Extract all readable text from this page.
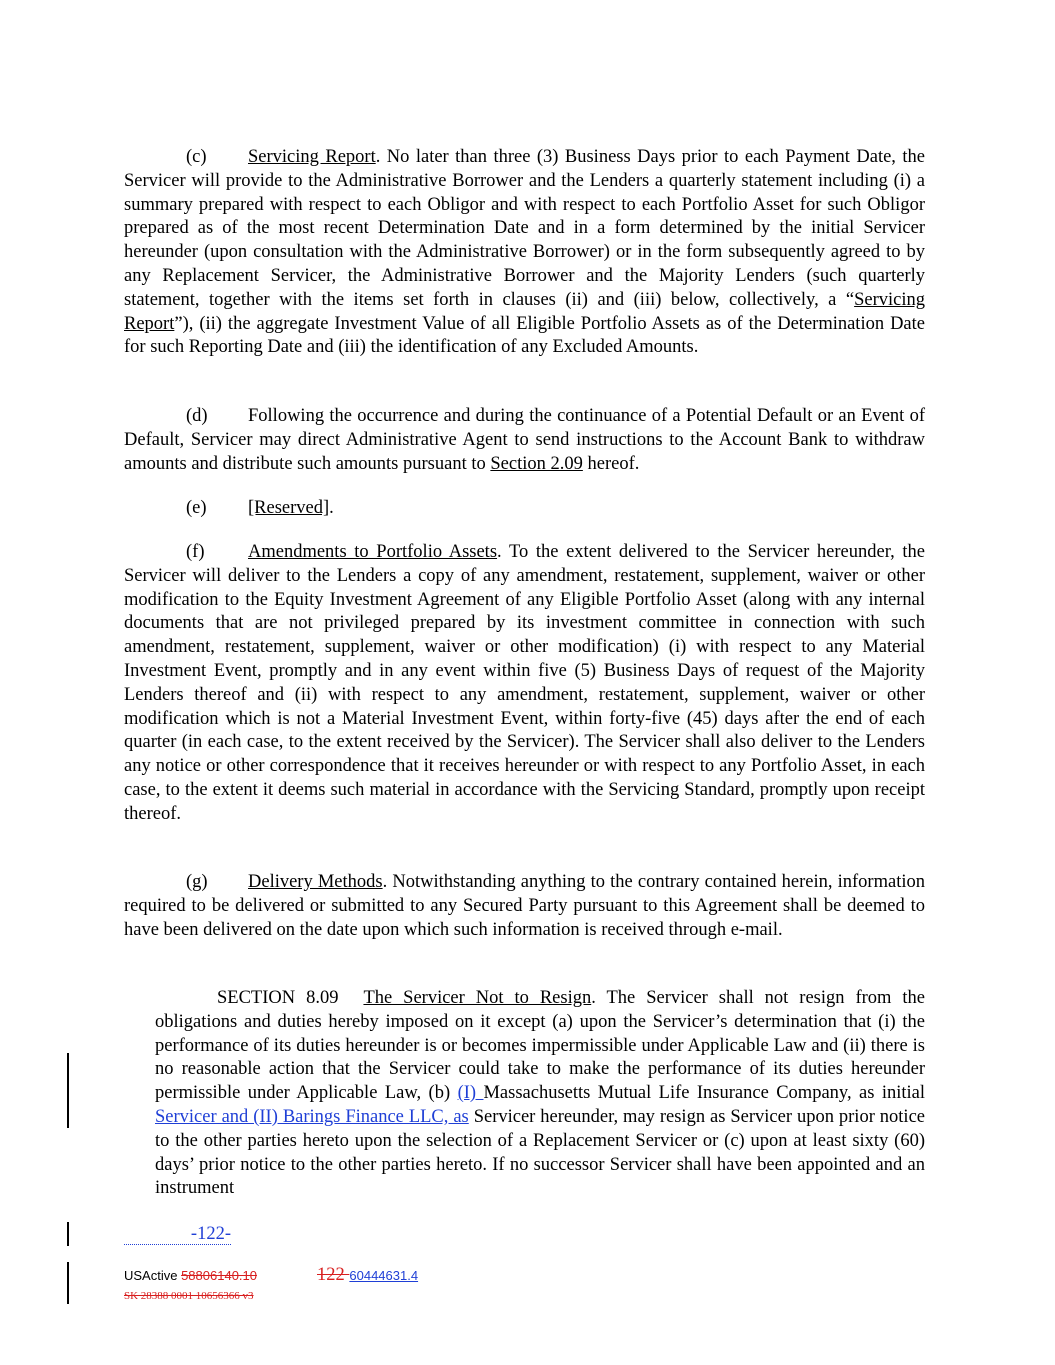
(c) Servicing Report. No later than three (3) Business Days prior to each Payment Date, the Servicer will provide to the Administrative Borrower and the Lenders a quarterly statement including (i) a summary prepared with respect to each Obligor and with respect to each Portfolio Asset for such Obligor prepared as of the most recent Determination Date and in a form determined by the initial Servicer hereunder (upon consultation with the Administrative Borrower) or in the form subsequently agreed to by any Replacement Servicer, the Administrative Borrower and the Majority Lenders (such quarterly statement, together with the items set forth in clauses (ii) and (iii) below, collectively, a “Servicing Report”), (ii) the aggregate Investment Value of all Eligible Portfolio Assets as of the Determination Date for such Reporting Date and (iii) the identification of any Excluded Amounts.

(d) Following the occurrence and during the continuance of a Potential Default or an Event of Default, Servicer may direct Administrative Agent to send instructions to the Account Bank to withdraw amounts and distribute such amounts pursuant to Section 2.09 hereof.

(e) [Reserved].

(f) Amendments to Portfolio Assets. To the extent delivered to the Servicer hereunder, the Servicer will deliver to the Lenders a copy of any amendment, restatement, supplement, waiver or other modification to the Equity Investment Agreement of any Eligible Portfolio Asset (along with any internal documents that are not privileged prepared by its investment committee in connection with such amendment, restatement, supplement, waiver or other modification) (i) with respect to any Material Investment Event, promptly and in any event within five (5) Business Days of request of the Majority Lenders thereof and (ii) with respect to any amendment, restatement, supplement, waiver or other modification which is not a Material Investment Event, within forty-five (45) days after the end of each quarter (in each case, to the extent received by the Servicer). The Servicer shall also deliver to the Lenders any notice or other correspondence that it receives hereunder or with respect to any Portfolio Asset, in each case, to the extent it deems such material in accordance with the Servicing Standard, promptly upon receipt thereof.

(g) Delivery Methods. Notwithstanding anything to the contrary contained herein, information required to be delivered or submitted to any Secured Party pursuant to this Agreement shall be deemed to have been delivered on the date upon which such information is received through e-mail.

SECTION 8.09 The Servicer Not to Resign. The Servicer shall not resign from the obligations and duties hereby imposed on it except (a) upon the Servicer’s determination that (i) the performance of its duties hereunder is or becomes impermissible under Applicable Law and (ii) there is no reasonable action that the Servicer could take to make the performance of its duties hereunder permissible under Applicable Law, (b) (I) Massachusetts Mutual Life Insurance Company, as initial Servicer and (II) Barings Finance LLC, as Servicer hereunder, may resign as Servicer upon prior notice to the other parties hereto upon the selection of a Replacement Servicer or (c) upon at least sixty (60) days’ prior notice to the other parties hereto. If no successor Servicer shall have been appointed and an instrument

-122-
USActive 58806140.10	122 60444631.4
SK 28388 0001 10656366 v3
